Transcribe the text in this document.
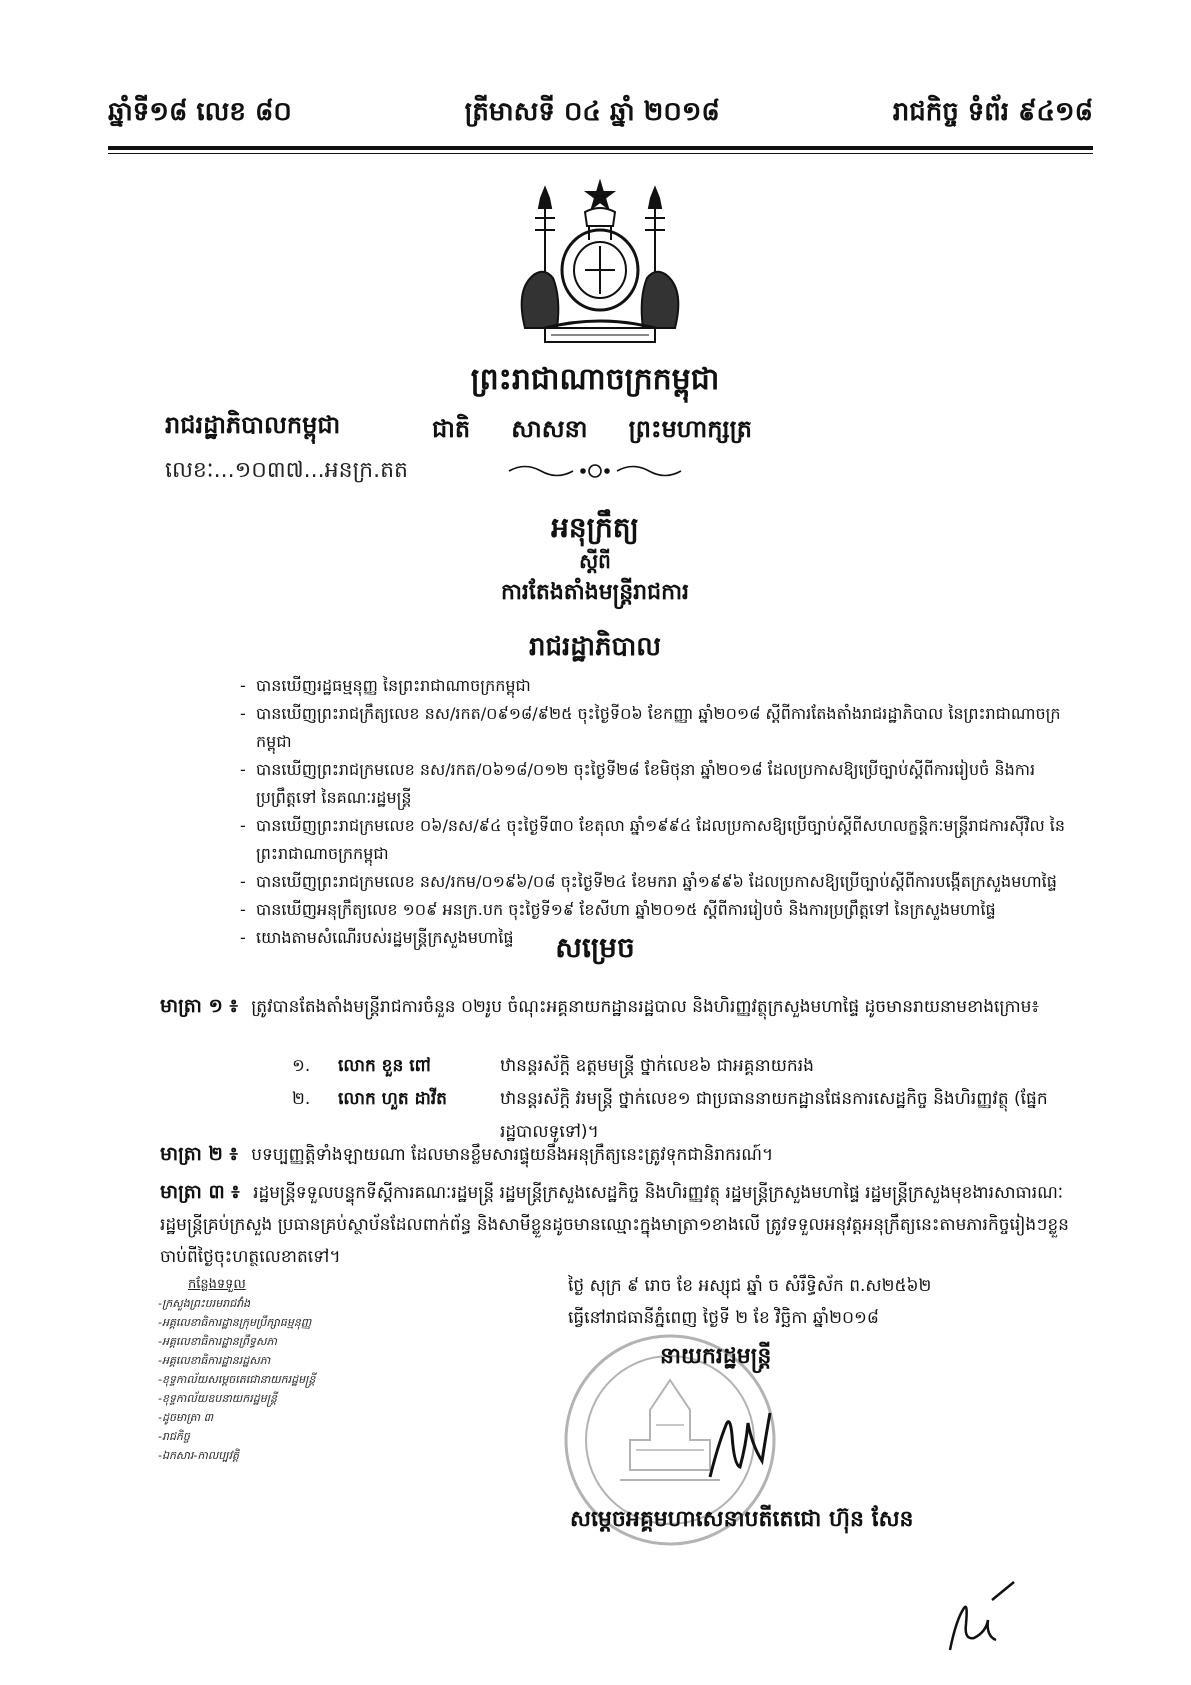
ឆ្នាំទី១៨ លេខ ៨០	ត្រីមាសទី ០៤ ឆ្នាំ ២០១៨	រាជកិច្ច ទំព័រ ៩៤១៨
ព្រះរាជាណាចក្រកម្ពុជា
រាជរដ្ឋាភិបាលកម្ពុជា	ជាតិ សាសនា ព្រះមហាក្សត្រ
លេខៈ...១០៣៧...អនក្រ.តត
អនុក្រឹត្យ
ស្តីពី
ការតែងតាំងមន្ត្រីរាជការ
រាជរដ្ឋាភិបាល
- បានឃើញរដ្ឋធម្មនុញ្ញ នៃព្រះរាជាណាចក្រកម្ពុជា
- បានឃើញព្រះរាជក្រឹត្យលេខ នស/រកត/០៩១៨/៩២៥ ចុះថ្ងៃទី០៦ ខែកញ្ញា ឆ្នាំ២០១៨ ស្តីពីការតែងតាំងរាជរដ្ឋាភិបាល នៃព្រះរាជាណាចក្រកម្ពុជា
- បានឃើញព្រះរាជក្រមលេខ នស/រកត/០៦១៨/០១២ ចុះថ្ងៃទី២៨ ខែមិថុនា ឆ្នាំ២០១៨ ដែលប្រកាសឱ្យប្រើច្បាប់ស្តីពីការរៀបចំ និងការប្រព្រឹត្តទៅ នៃគណៈរដ្ឋមន្ត្រី
- បានឃើញព្រះរាជក្រមលេខ ០៦/នស/៩៤ ចុះថ្ងៃទី៣០ ខែតុលា ឆ្នាំ១៩៩៤ ដែលប្រកាសឱ្យប្រើច្បាប់ស្តីពីសហលក្ខន្តិកៈមន្ត្រីរាជការស៊ីវិល នៃព្រះរាជាណាចក្រកម្ពុជា
- បានឃើញព្រះរាជក្រមលេខ នស/រកម/០១៩៦/០៨ ចុះថ្ងៃទី២៤ ខែមករា ឆ្នាំ១៩៩៦ ដែលប្រកាសឱ្យប្រើច្បាប់ស្តីពីការបង្កើតក្រសួងមហាផ្ទៃ
- បានឃើញអនុក្រឹត្យលេខ ១០៩ អនក្រ.បក ចុះថ្ងៃទី១៩ ខែសីហា ឆ្នាំ២០១៥ ស្តីពីការរៀបចំ និងការប្រព្រឹត្តទៅ នៃក្រសួងមហាផ្ទៃ
- យោងតាមសំណើរបស់រដ្ឋមន្ត្រីក្រសួងមហាផ្ទៃ	សម្រេច
មាត្រា ១ ៖ ត្រូវបានតែងតាំងមន្ត្រីរាជការចំនួន ០២រូប ចំណុះអគ្គនាយកដ្ឋានរដ្ឋបាល និងហិរញ្ញវត្ថុក្រសួងមហាផ្ទៃ ដូចមានរាយនាមខាងក្រោម៖
១.	លោក ខួន ពៅ	ឋានន្តរស័ក្តិ ឧត្តមមន្ត្រី ថ្នាក់លេខ៦ ជាអគ្គនាយករង
២.	លោក ហួត ដាវីត	ឋានន្តរស័ក្តិ វរមន្ត្រី ថ្នាក់លេខ១ ជាប្រធាននាយកដ្ឋានផែនការសេដ្ឋកិច្ច និងហិរញ្ញវត្ថុ (ផ្នែករដ្ឋបាលទូទៅ)។
មាត្រា ២ ៖ បទប្បញ្ញត្តិទាំងឡាយណា ដែលមានខ្លឹមសារផ្ទុយនឹងអនុក្រឹត្យនេះត្រូវទុកជានិរាករណ៍។
មាត្រា ៣ ៖ រដ្ឋមន្ត្រីទទួលបន្ទុកទីស្តីការគណៈរដ្ឋមន្ត្រី រដ្ឋមន្ត្រីក្រសួងសេដ្ឋកិច្ច និងហិរញ្ញវត្ថុ រដ្ឋមន្ត្រីក្រសួងមហាផ្ទៃ រដ្ឋមន្ត្រីក្រសួងមុខងារសាធារណៈ រដ្ឋមន្ត្រីគ្រប់ក្រសួង ប្រធានគ្រប់ស្ថាប័នដែលពាក់ព័ន្ធ និងសាមីខ្លួនដូចមានឈ្មោះក្នុងមាត្រា១ខាងលើ ត្រូវទទួលអនុវត្តអនុក្រឹត្យនេះតាមភារកិច្ចរៀងៗខ្លួន ចាប់ពីថ្ងៃចុះហត្ថលេខាតទៅ។
ថ្ងៃ សុក្រ ៩ រោច ខែ អស្សុជ ឆ្នាំ ច សំរឹទ្ធិស័ក ព.ស២៥៦២
ធ្វើនៅរាជធានីភ្នំពេញ ថ្ងៃទី ២ ខែ វិច្ឆិកា ឆ្នាំ២០១៨
នាយករដ្ឋមន្ត្រី
សម្តេចអគ្គមហាសេនាបតីតេជោ ហ៊ុន សែន
កន្លែងទទួល
-ក្រសួងព្រះបរមរាជវាំង
-អគ្គលេខាធិការដ្ឋានក្រុមប្រឹក្សាធម្មនុញ្ញ
-អគ្គលេខាធិការដ្ឋានព្រឹទ្ធសភា
-អគ្គលេខាធិការដ្ឋានរដ្ឋសភា
-ខុទ្ទកាល័យសម្តេចតេជោនាយករដ្ឋមន្ត្រី
-ខុទ្ទកាល័យឧបនាយករដ្ឋមន្ត្រី
-ដូចមាត្រា ៣
-រាជកិច្ច
-ឯកសារ-កាលប្បវត្តិ
